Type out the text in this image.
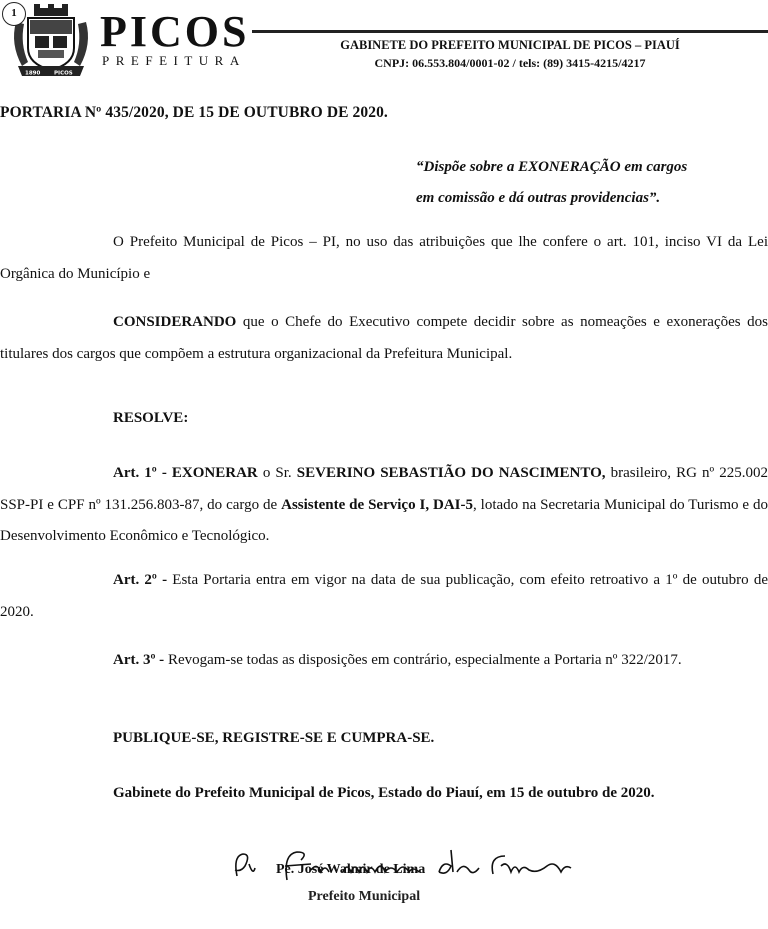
1890 PICOS
1 PICOS
PREFEITURA
GABINETE DO PREFEITO MUNICIPAL DE PICOS – PIAUÍ
CNPJ: 06.553.804/0001-02 / tels: (89) 3415-4215/4217
PORTARIA Nº 435/2020, DE 15 DE OUTUBRO DE 2020.
“Dispõe sobre a EXONERAÇÃO em cargos
em comissão e dá outras providencias”.
O Prefeito Municipal de Picos – PI, no uso das atribuições que lhe confere o art. 101, inciso VI da Lei Orgânica do Município e
CONSIDERANDO que o Chefe do Executivo compete decidir sobre as nomeações e exonerações dos titulares dos cargos que compõem a estrutura organizacional da Prefeitura Municipal.
RESOLVE:
Art. 1º - EXONERAR o Sr. SEVERINO SEBASTIÃO DO NASCIMENTO, brasileiro, RG nº 225.002 SSP-PI e CPF nº 131.256.803-87, do cargo de Assistente de Serviço I, DAI-5, lotado na Secretaria Municipal do Turismo e do Desenvolvimento Econômico e Tecnológico.
Art. 2º - Esta Portaria entra em vigor na data de sua publicação, com efeito retroativo a 1º de outubro de 2020.
Art. 3º - Revogam-se todas as disposições em contrário, especialmente a Portaria nº 322/2017.
PUBLIQUE-SE, REGISTRE-SE E CUMPRA-SE.
Gabinete do Prefeito Municipal de Picos, Estado do Piauí, em 15 de outubro de 2020.
Pe. José Walmir de Lima
Prefeito Municipal
